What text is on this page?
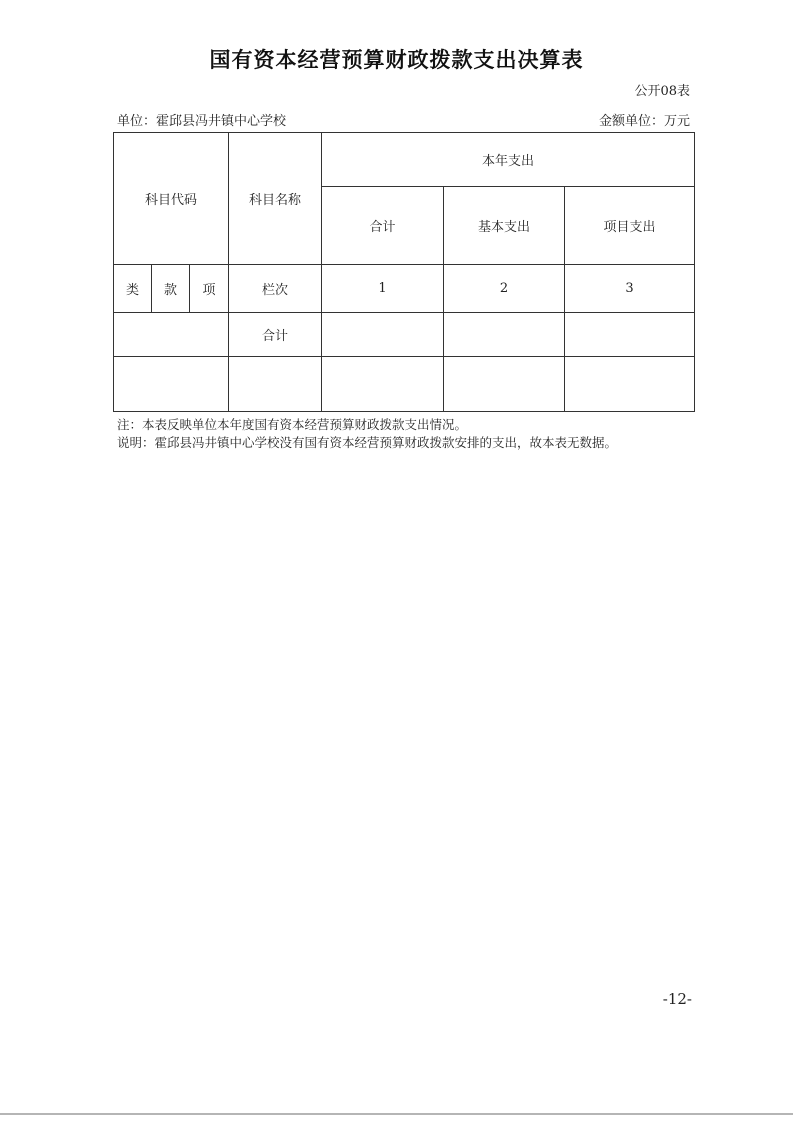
国有资本经营预算财政拨款支出决算表
公开08表
单位：霍邱县冯井镇中心学校	金额单位：万元
科目代码			科目名称	本年支出		
				合计	基本支出	项目支出
类	款	项	栏次	1	2	3
			合计			

注：本表反映单位本年度国有资本经营预算财政拨款支出情况。
说明：霍邱县冯井镇中心学校没有国有资本经营预算财政拨款安排的支出，故本表无数据。
-12-
